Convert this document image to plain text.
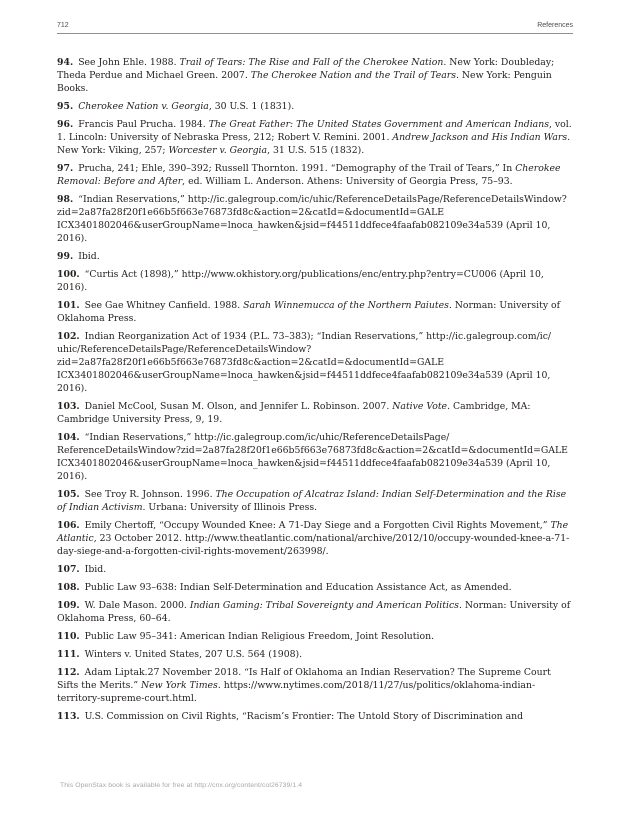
712	References

94. See John Ehle. 1988. Trail of Tears: The Rise and Fall of the Cherokee Nation. New York: Doubleday; Theda Perdue and Michael Green. 2007. The Cherokee Nation and the Trail of Tears. New York: Penguin Books.

95. Cherokee Nation v. Georgia, 30 U.S. 1 (1831).

96. Francis Paul Prucha. 1984. The Great Father: The United States Government and American Indians, vol. 1. Lincoln: University of Nebraska Press, 212; Robert V. Remini. 2001. Andrew Jackson and His Indian Wars. New York: Viking, 257; Worcester v. Georgia, 31 U.S. 515 (1832).

97. Prucha, 241; Ehle, 390–392; Russell Thornton. 1991. “Demography of the Trail of Tears,” In Cherokee Removal: Before and After, ed. William L. Anderson. Athens: University of Georgia Press, 75–93.

98. “Indian Reservations,” http:/​/​ic.galegroup.com/​ic/​uhic/​ReferenceDetailsPage/​ReferenceDetailsWindow?zid=2a87fa28f20f1e66b5f663e76873fd8c&action=2&catId=&documentId=GALE ICX3401802046&userGroupName=lnoca_hawken&jsid=f44511ddfece4faafab082109e34a539 (April 10, 2016).

99. Ibid.

100. “Curtis Act (1898),” http:/​/​www.okhistory.org/​publications/​enc/​entry.php?entry=CU006 (April 10, 2016).

101. See Gae Whitney Canfield. 1988. Sarah Winnemucca of the Northern Paiutes. Norman: University of Oklahoma Press.

102. Indian Reorganization Act of 1934 (P.L. 73–383); “Indian Reservations,” http:/​/​ic.galegroup.com/​ic/​uhic/​ReferenceDetailsPage/​ReferenceDetailsWindow?zid=2a87fa28f20f1e66b5f663e76873fd8c&action=2&catId=&documentId=GALE ICX3401802046&userGroupName=lnoca_hawken&jsid=f44511ddfece4faafab082109e34a539 (April 10, 2016).

103. Daniel McCool, Susan M. Olson, and Jennifer L. Robinson. 2007. Native Vote. Cambridge, MA: Cambridge University Press, 9, 19.

104. “Indian Reservations,” http:/​/​ic.galegroup.com/​ic/​uhic/​ReferenceDetailsPage/​ReferenceDetailsWindow?zid=2a87fa28f20f1e66b5f663e76873fd8c&action=2&catId=&documentId=GALE ICX3401802046&userGroupName=lnoca_hawken&jsid=f44511ddfece4faafab082109e34a539 (April 10, 2016).

105. See Troy R. Johnson. 1996. The Occupation of Alcatraz Island: Indian Self-Determination and the Rise of Indian Activism. Urbana: University of Illinois Press.

106. Emily Chertoff, “Occupy Wounded Knee: A 71-Day Siege and a Forgotten Civil Rights Movement,” The Atlantic, 23 October 2012. http:/​/​www.theatlantic.com/​national/​archive/​2012/​10/​occupy-wounded-knee-a-71-day-siege-and-a-forgotten-civil-rights-movement/​263998/​.

107. Ibid.

108. Public Law 93–638: Indian Self-Determination and Education Assistance Act, as Amended.

109. W. Dale Mason. 2000. Indian Gaming: Tribal Sovereignty and American Politics. Norman: University of Oklahoma Press, 60–64.

110. Public Law 95–341: American Indian Religious Freedom, Joint Resolution.

111. Winters v. United States, 207 U.S. 564 (1908).

112. Adam Liptak.27 November 2018. “Is Half of Oklahoma an Indian Reservation? The Supreme Court Sifts the Merits.” New York Times. https:/​/​www.nytimes.com/​2018/​11/​27/​us/​politics/​oklahoma-indian-territory-supreme-court.html.

113. U.S. Commission on Civil Rights, “Racism’s Frontier: The Untold Story of Discrimination and

This OpenStax book is available for free at http://cnx.org/content/col26739/1.4
